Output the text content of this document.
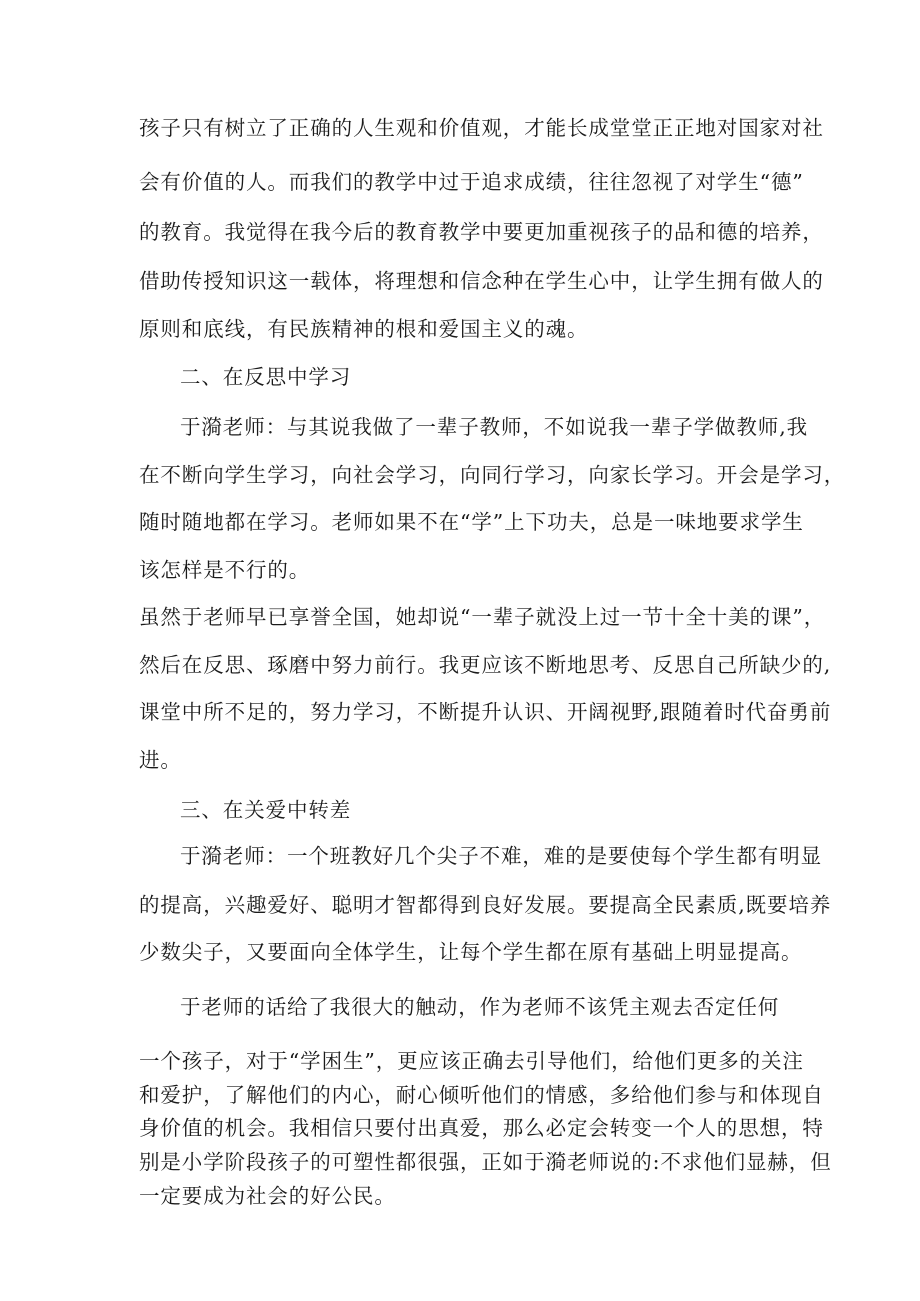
孩子只有树立了正确的人生观和价值观，才能长成堂堂正正地对国家对社
会有价值的人。而我们的教学中过于追求成绩，往往忽视了对学生“德”
的教育。我觉得在我今后的教育教学中要更加重视孩子的品和德的培养，
借助传授知识这一载体，将理想和信念种在学生心中，让学生拥有做人的
原则和底线，有民族精神的根和爱国主义的魂。
二、在反思中学习
于漪老师：与其说我做了一辈子教师，不如说我一辈子学做教师,我
在不断向学生学习，向社会学习，向同行学习，向家长学习。开会是学习，
随时随地都在学习。老师如果不在“学”上下功夫，总是一味地要求学生
该怎样是不行的。
虽然于老师早已享誉全国，她却说“一辈子就没上过一节十全十美的课”，
然后在反思、琢磨中努力前行。我更应该不断地思考、反思自己所缺少的,
课堂中所不足的，努力学习，不断提升认识、开阔视野,跟随着时代奋勇前
进。
三、在关爱中转差
于漪老师：一个班教好几个尖子不难，难的是要使每个学生都有明显
的提高，兴趣爱好、聪明才智都得到良好发展。要提高全民素质,既要培养
少数尖子，又要面向全体学生，让每个学生都在原有基础上明显提高。
于老师的话给了我很大的触动，作为老师不该凭主观去否定任何
一个孩子，对于“学困生”，更应该正确去引导他们，给他们更多的关注
和爱护，了解他们的内心，耐心倾听他们的情感，多给他们参与和体现自
身价值的机会。我相信只要付出真爱，那么必定会转变一个人的思想，特
别是小学阶段孩子的可塑性都很强，正如于漪老师说的:不求他们显赫，但
一定要成为社会的好公民。
